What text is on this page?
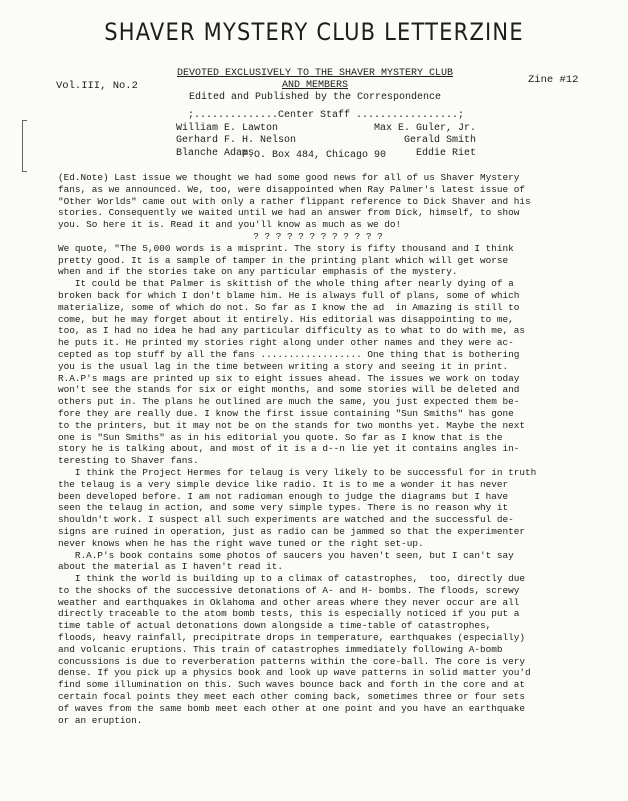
SHAVER MYSTERY CLUB LETTERZINE
Vol.III, No.2	Zine #12
DEVOTED EXCLUSIVELY TO THE SHAVER MYSTERY CLUB
AND MEMBERS
Edited and Published by the Correspondence
;..............Center Staff .................;
William E. Lawton	Max E. Guler, Jr.
Gerhard F. H. Nelson	Gerald Smith
Blanche Adams	Eddie Riet
P.O. Box 484, Chicago 90

(Ed.Note) Last issue we thought we had some good news for all of us Shaver Mystery
fans, as we announced. We, too, were disappointed when Ray Palmer's latest issue of
"Other Worlds" came out with only a rather flippant reference to Dick Shaver and his
stories. Consequently we waited until we had an answer from Dick, himself, to show
you. So here it is. Read it and you'll know as much as we do!

? ? ? ? ? ? ? ? ? ? ? ?

We quote, "The 5,000 words is a misprint. The story is fifty thousand and I think
pretty good. It is a sample of tamper in the printing plant which will get worse
when and if the stories take on any particular emphasis of the mystery.
It could be that Palmer is skittish of the whole thing after nearly dying of a
broken back for which I don't blame him. He is always full of plans, some of which
materialize, some of which do not. So far as I know the ad  in Amazing is still to
come, but he may forget about it entirely. His editorial was disappointing to me,
too, as I had no idea he had any particular difficulty as to what to do with me, as
he puts it. He printed my stories right along under other names and they were ac-
cepted as top stuff by all the fans .................. One thing that is bothering
you is the usual lag in the time between writing a story and seeing it in print.
R.A.P's mags are printed up six to eight issues ahead. The issues we work on today
won't see the stands for six or eight months, and some stories will be deleted and
others put in. The plans he outlined are much the same, you just expected them be-
fore they are really due. I know the first issue containing "Sun Smiths" has gone
to the printers, but it may not be on the stands for two months yet. Maybe the next
one is "Sun Smiths" as in his editorial you quote. So far as I know that is the
story he is talking about, and most of it is a d--n lie yet it contains angles in-
teresting to Shaver fans.

I think the Project Hermes for telaug is very likely to be successful for in truth
the telaug is a very simple device like radio. It is to me a wonder it has never
been developed before. I am not radioman enough to judge the diagrams but I have
seen the telaug in action, and some very simple types. There is no reason why it
shouldn't work. I suspect all such experiments are watched and the successful de-
signs are ruined in operation, just as radio can be jammed so that the experimenter
never knows when he has the right wave tuned or the right set-up.
R.A.P's book contains some photos of saucers you haven't seen, but I can't say
about the material as I haven't read it.
I think the world is building up to a climax of catastrophes,  too, directly due
to the shocks of the successive detonations of A- and H- bombs. The floods, screwy
weather and earthquakes in Oklahoma and other areas where they never occur are all
directly traceable to the atom bomb tests, this is especially noticed if you put a
time table of actual detonations down alongside a time-table of catastrophes,
floods, heavy rainfall, precipitrate drops in temperature, earthquakes (especially)
and volcanic eruptions. This train of catastrophes immediately following A-bomb
concussions is due to reverberation patterns within the core-ball. The core is very
dense. If you pick up a physics book and look up wave patterns in solid matter you'd
find some illumination on this. Such waves bounce back and forth in the core and at
certain focal points they meet each other coming back, sometimes three or four sets
of waves from the same bomb meet each other at one point and you have an earthquake
or an eruption.
